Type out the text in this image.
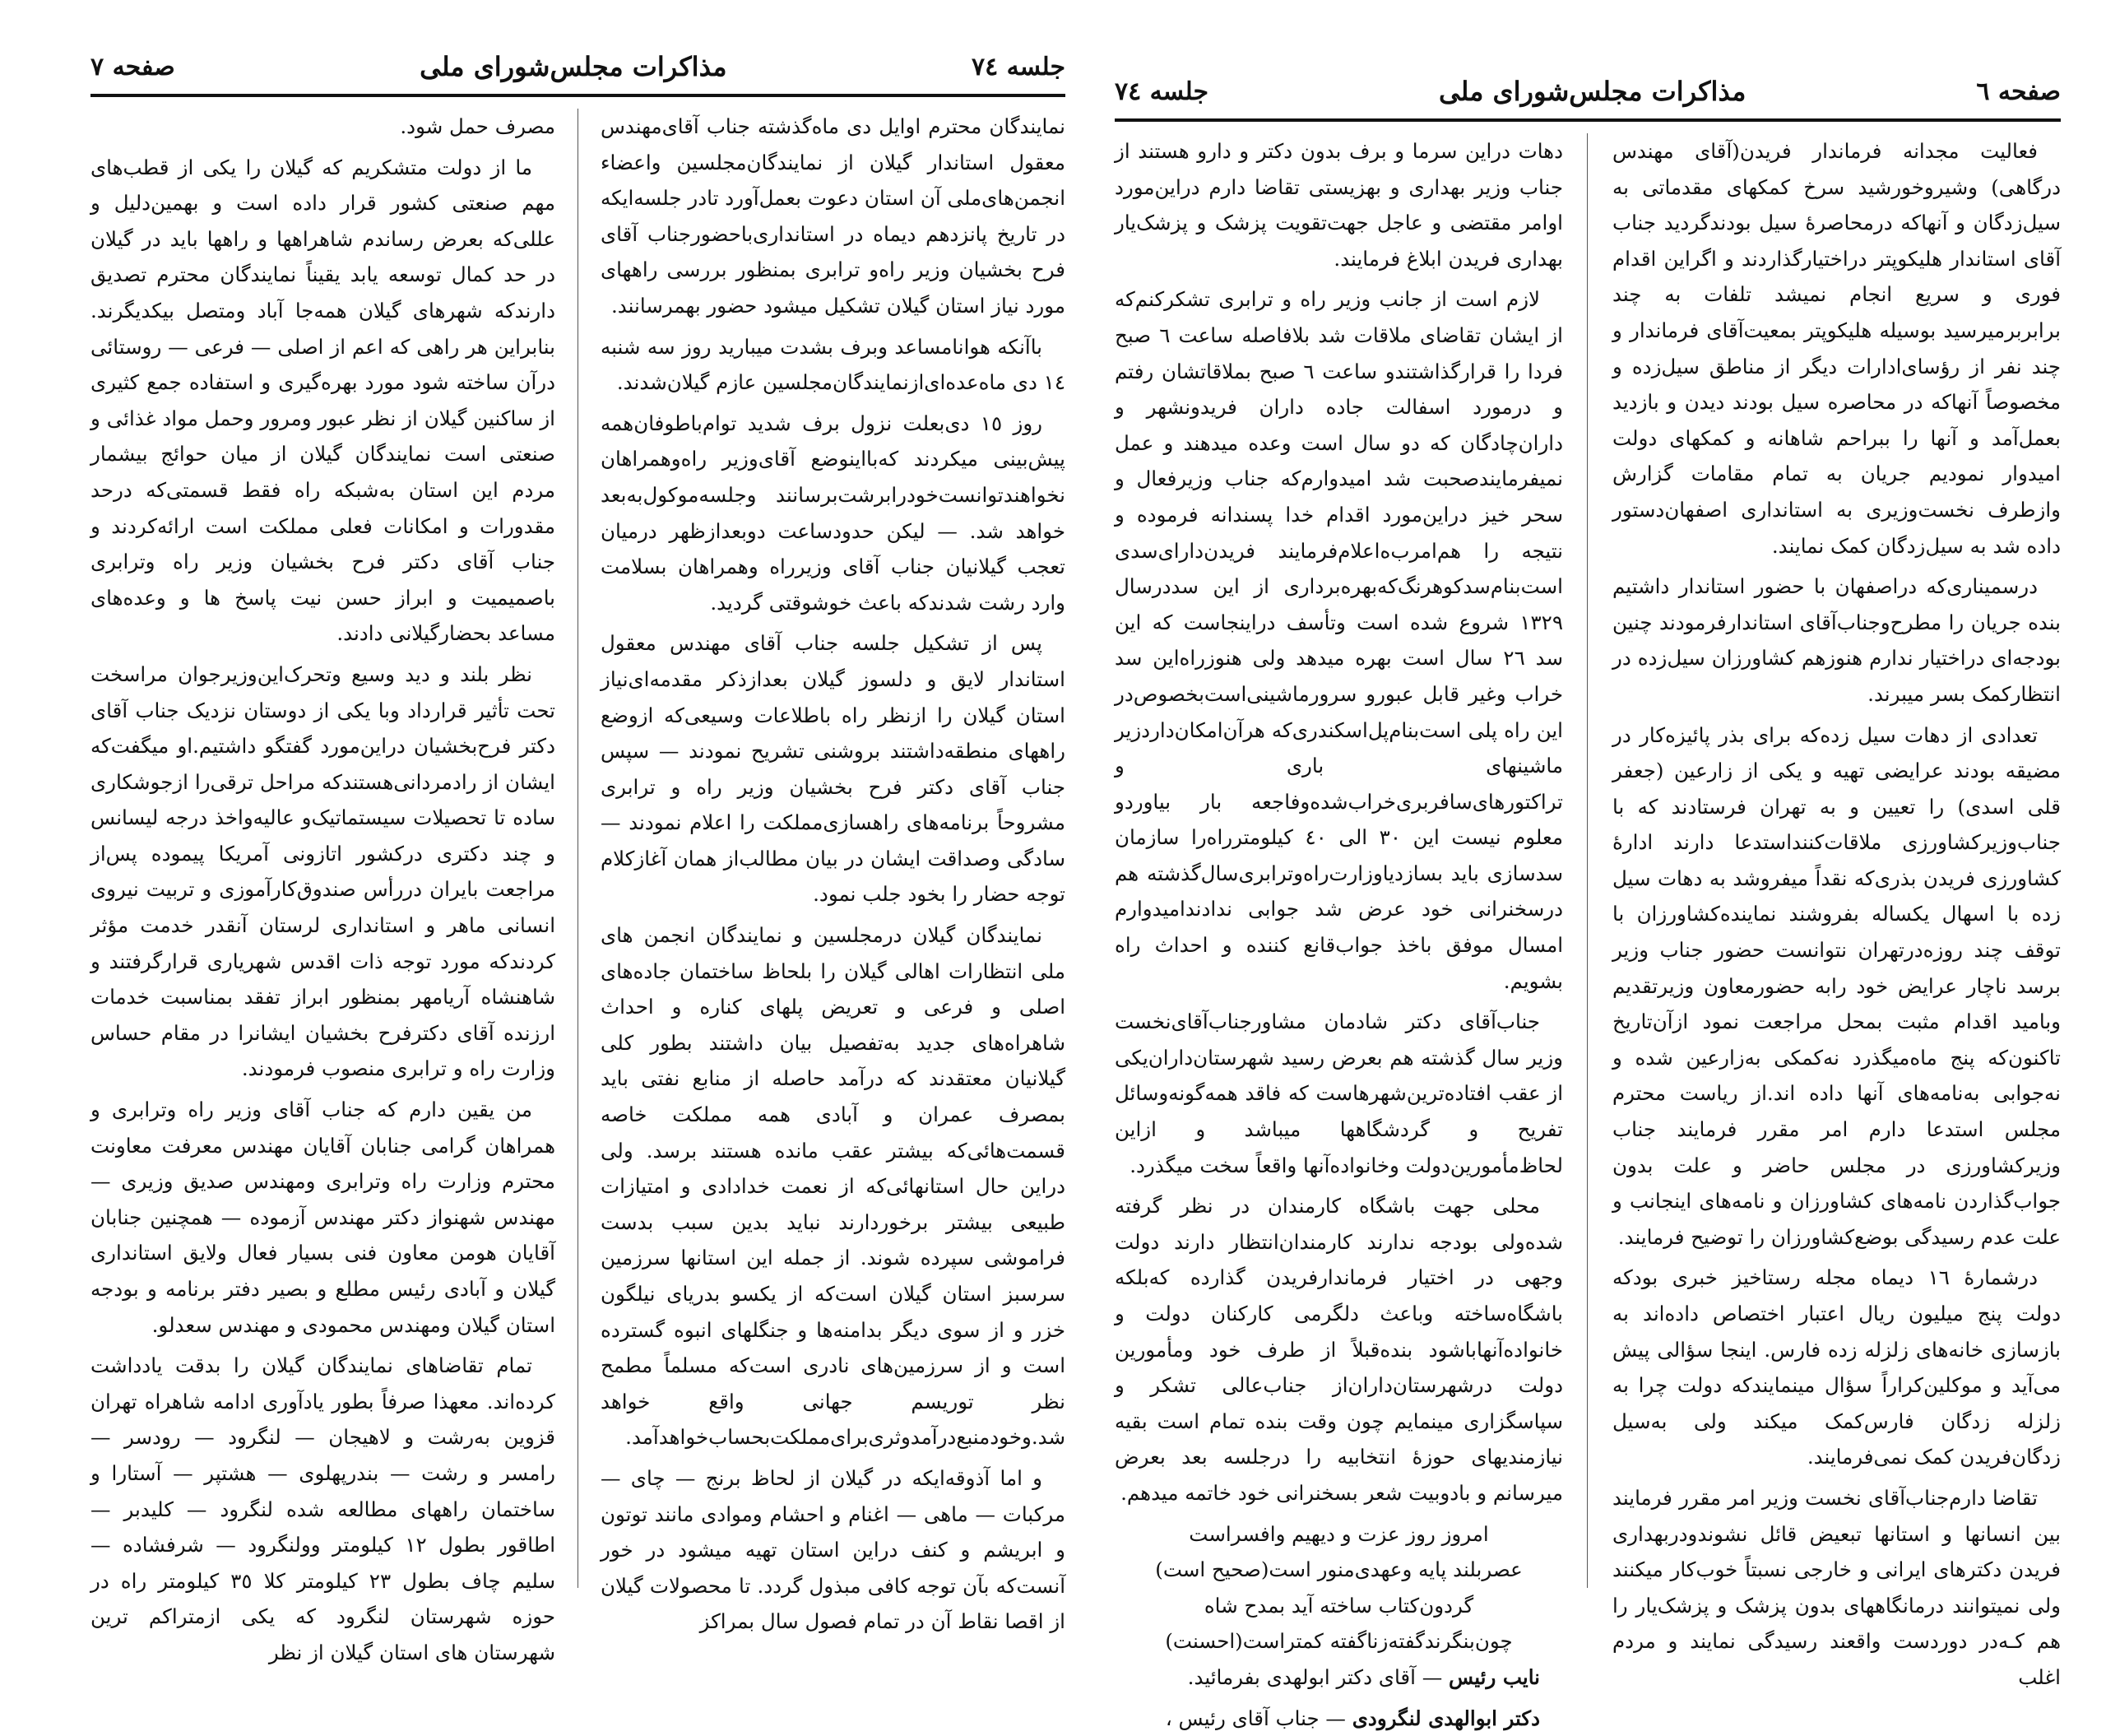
جلسه ٧٤	مذاکرات مجلس‌شورای ملی	صفحه ٦

فعالیت مجدانه فرماندار فریدن(آقای مهندس درگاهی) وشیروخورشید سرخ کمکهای مقدماتی به سیل‌زدگان و آنهاکه درمحاصرهٔ سیل بودندگردید جناب آقای استاندار هلیکوپتر دراختیارگذاردند و اگراین اقدام فوری و سریع انجام نمیشد تلفات به چند برابربرمیرسید بوسیله هلیکوپتر بمعیت‌آقای فرماندار و چند نفر از رؤسای‌ادارات دیگر از مناطق سیل‌زده و مخصوصاً آنهاکه در محاصره سیل بودند دیدن و بازدید بعمل‌آمد و آنها را ببراحم شاهانه و کمکهای دولت امیدوار نمودیم جریان به تمام مقامات گزارش وازطرف نخست‌وزیری به استانداری اصفهان‌دستور داده شد به سیل‌زدگان کمک نمایند.

درسمیناری‌که دراصفهان با حضور استاندار داشتیم بنده جریان را مطرح‌وجناب‌آقای استاندارفرمودند چنین بودجه‌ای دراختیار ندارم هنوزهم کشاورزان سیل‌زده در انتظارکمک بسر میبرند.

تعدادی از دهات سیل زده‌که برای بذر پائیزه‌کار در مضیقه بودند عرایضی تهیه و یکی از زارعین (جعفر قلی اسدی) را تعیین و به تهران فرستادند که با جناب‌وزیرکشاورزی ملاقات‌کننداستدعا دارند ادارهٔ کشاورزی فریدن بذری‌که نقداً میفروشد به دهات سیل زده با اسهال یکساله بفروشند نماینده‌کشاورزان با توقف چند روزه‌درتهران نتوانست حضور جناب وزیر برسد ناچار عرایض خود رابه حضورمعاون وزیرتقدیم وبامید اقدام مثبت بمحل مراجعت نمود ازآن‌تاریخ تاکنون‌که پنج ماه‌میگذرد نه‌کمکی به‌زارعین شده و نه‌جوابی به‌نامه‌های آنها داده اند.از ریاست محترم مجلس استدعا دارم امر مقرر فرمایند جناب وزیرکشاورزی در مجلس حاضر و علت بدون جواب‌گذاردن نامه‌های کشاورزان و نامه‌های اینجانب و علت عدم رسیدگی بوضع‌کشاورزان را توضیح فرمایند.

درشمارهٔ ١٦ دیماه مجله رستاخیز خبری بود‌که دولت پنج میلیون ریال اعتبار اختصاص داده‌اند به بازسازی خانه‌های زلزله زده فارس. اینجا سؤالی پیش می‌آید و موکلین‌کراراً سؤال مینمایندکه دولت چرا به زلزله زدگان فارس‌کمک میکند ولی به‌سیل زدگان‌فریدن کمک نمی‌فرمایند.

تقاضا دارم‌جناب‌آقای نخست وزیر امر مقرر فرمایند بین انسانها و استانها تبعیض قائل نشوندو‌دربهداری فریدن دکترهای ایرانی و خارجی نسبتاً خوب‌کار میکنند ولی نمیتوانند درمانگاههای بدون پزشک و پزشک‌یار را هم کـه‌در دوردست واقعند رسیدگی نمایند و مردم اغلب

دهات دراین سرما و برف بدون دکتر و دارو هستند از جناب وزیر بهداری و بهزیستی تقاضا دارم دراین‌مورد اوامر مقتضی و عاجل جهت‌تقویت پزشک و پزشک‌یار بهداری فریدن ابلاغ فرمایند.

لازم است از جانب وزیر راه و ترابری تشکرکنم‌که از ایشان تقاضای ملاقات شد بلافاصله ساعت ٦ صبح فردا را قرارگذاشتندو ساعت ٦ صبح بملاقاتشان رفتم و درمورد اسفالت جاده داران فریدونشهر و داران‌چادگان که دو سال است وعده میدهند و عمل نمیفرمایندصحبت شد امیدوارم‌که جناب وزیرفعال و سحر خیز دراین‌مورد اقدام خدا پسندانه فرموده و نتیجه را هم‌امرب‌ه‌اعلام‌فرمایند فریدن‌دارای‌سدی است‌بنام‌سدکوهرنگ‌که‌بهره‌برداری از این سددرسال ١٣٢٩ شروع شده است وتأسف دراینجاست که این سد ٢٦ سال است بهره میدهد ولی هنوزراه‌این سد خراب وغیر قابل عبورو سرورماشینی‌است‌بخصوص‌در این راه پلی است‌بنام‌پل‌اسکندری‌که هرآن‌امکان‌داردزیر ماشینهای باری و تراکتورهای‌سافربری‌خراب‌شده‌وفاجعه بار بیاوردو معلوم نیست این ٣٠ الی ٤٠ کیلومترراه‌را سازمان سدسازی باید بسازدیاوزارت‌راه‌وترابری‌سال‌گذشته هم درسخنرانی خود عرض شد جوابی ندادندامیدوارم امسال موفق باخذ جواب‌قانع کننده و احداث راه بشویم.

جناب‌آقای دکتر شادمان مشاورجناب‌آقای‌نخست وزیر سال گذشته هم بعرض رسید شهرستان‌داران‌یکی از عقب افتاده‌ترین‌شهرهاست که فاقد همه‌گونه‌وسائل تفریح و گردشگاهها میباشد و ازاین لحاظ‌مأمورین‌دولت وخانواده‌آنها واقعاً سخت میگذرد.

محلی جهت باشگاه کارمندان در نظر گرفته شده‌ولی بودجه ندارند کارمندان‌انتظار دارند دولت وجهی در اختیار فرماندارفریدن گذارده که‌بلکه باشگاه‌ساخته وباعث دلگرمی کارکنان دولت و خانواده‌آنهاباشود بنده‌قبلاً از طرف خود ومأمورین دولت درشهرستان‌داران‌از جناب‌عالی تشکر و سپاسگزاری مینمایم چون وقت بنده تمام است بقیه نیازمندیهای حوزهٔ انتخابیه را درجلسه بعد بعرض میرسانم و بادوبیت شعر بسخنرانی خود خاتمه میدهم.

امروز روز عزت و دیهیم وافسراست

عصربلند پایه وعهدی‌منور است(صحیح است)

گردون‌کتاب ساخته آید بمدح شاه

چون‌بنگرندگفته‌زناگفته کمتراست(احسنت)

نایب رئیس — آقای دکتر ابولهدی بفرمائید.

دکتر ابوالهدی لنگرودی — جناب آقای رئیس ،

صفحه ٧	مذاکرات مجلس‌شورای ملی	جلسه ٧٤

نمایندگان محترم اوایل دی ماه‌گذشته جناب آقای‌مهندس معقول استاندار گیلان از نمایندگان‌مجلسین واعضاء انجمن‌های‌ملی آن استان دعوت بعمل‌آورد تادر جلسه‌ایکه در تاریخ پانزدهم دیماه در استانداری‌باحضورجناب آقای فرح بخشیان وزیر راه‌و ترابری بمنظور بررسی راههای مورد نیاز استان گیلان تشکیل میشود حضور بهمرسانند.

باآنکه هوانامساعد وبرف بشدت میبارید روز سه شنبه ١٤ دی ماه‌عده‌ای‌ازنمایندگان‌مجلسین عازم گیلان‌شدند.

روز ١٥ دی‌بعلت نزول برف شدید توام‌باطوفان‌همه پیش‌بینی میکردند که‌بااینوضع آقای‌وزیر راه‌وهمراهان نخواهندتوانست‌خودرابرشت‌برسانند وجلسه‌موکول‌به‌بعد خواهد شد. — لیکن حدودساعت دوبعدازظهر درمیان تعجب گیلانیان جناب آقای وزیرراه وهمراهان بسلامت وارد رشت شدند‌که باعث خوشوقتی گردید.

پس از تشکیل جلسه جناب آقای مهندس معقول استاندار لایق و دلسوز گیلان بعدازذکر مقدمه‌ای‌نیاز استان گیلان را ازنظر راه باطلاعات وسیعی‌که ازوضع راههای منطقه‌داشتند بروشنی تشریح نمودند — سپس جناب آقای دکتر فرح بخشیان وزیر راه و ترابری مشروحاً برنامه‌های راهسازی‌مملکت را اعلام نمودند — سادگی وصداقت ایشان در بیان مطالب‌از همان آغازکلام توجه حضار را بخود جلب نمود.

نمایندگان گیلان درمجلسین و نمایندگان انجمن های ملی انتظارات اهالی گیلان را بلحاظ ساختمان جاده‌های اصلی و فرعی و تعریض پلهای کناره و احداث شاهراه‌های جدید به‌تفصیل بیان داشتند بطور کلی گیلانیان معتقدند که درآمد حاصله از منابع نفتی باید بمصرف عمران و آبادی همه مملکت خاصه قسمت‌هائی‌که بیشتر عقب مانده هستند برسد. ولی دراین حال استانهائی‌که از نعمت خدادادی و امتیازات طبیعی بیشتر برخوردارند نباید بدین سبب بدست فراموشی سپرده شوند. از جمله این استانها سرزمین سرسبز استان گیلان است‌که از یکسو بدریای نیلگون خزر و از سوی دیگر بدامنه‌ها و جنگلهای انبوه گسترده است و از سرزمین‌های نادری است‌که مسلماً مطمح نظر توریسم جهانی واقع خواهد شد.وخودمنبع‌درآمدوثری‌برای‌مملکت‌بحساب‌خواهدآمد.

و اما آذوقه‌ایکه در گیلان از لحاظ برنج — چای — مرکبات — ماهی — اغنام و احشام وموادی مانند توتون و ابریشم و کنف دراین استان تهیه میشود در خور آنست‌که بآن توجه کافی مبذول گردد. تا محصولات گیلان از اقصا نقاط آن در تمام فصول سال بمراکز

مصرف حمل شود.

ما از دولت متشکریم که گیلان را یکی از قطب‌های مهم صنعتی کشور قرار داده است و بهمین‌دلیل و عللی‌که بعرض رساندم شاهراهها و راهها باید در گیلان در حد کمال توسعه یابد یقیناً نمایندگان محترم تصدیق دارندکه شهرهای گیلان همه‌جا آباد ومتصل بیکدیگرند. بنابراین هر راهی که اعم از اصلی — فرعی — روستائی درآن ساخته شود مورد بهره‌گیری و استفاده جمع کثیری از ساکنین گیلان از نظر عبور ومرور وحمل مواد غذائی و صنعتی است نمایندگان گیلان از میان حوائج بیشمار مردم این استان به‌شبکه راه فقط قسمتی‌که درحد مقدورات و امکانات فعلی مملکت است ارائه‌کردند و جناب آقای دکتر فرح بخشیان وزیر راه وترابری باصمیمیت و ابراز حسن نیت پاسخ ها و وعده‌های مساعد بحضارگیلانی دادند.

نظر بلند و دید وسیع وتحرک‌این‌وزیرجوان مراسخت تحت تأثیر قرارداد وبا یکی از دوستان نزدیک جناب آقای دکتر فرح‌بخشیان دراین‌مورد گفتگو داشتیم.او میگفت‌که ایشان از رادمردانی‌هستندکه مراحل ترقی‌را ازجوشکاری ساده تا تحصیلات سیستماتیک‌و عالیه‌واخذ درجه لیسانس و چند دکتری درکشور اتازونی آمریکا پیموده پس‌از مراجعت بایران دررأس صندوق‌کارآموزی و تربیت نیروی انسانی ماهر و استانداری لرستان آنقدر خدمت مؤثر کردند‌که مورد توجه ذات اقدس شهریاری قرارگرفتند و شاهنشاه آریامهر بمنظور ابراز تفقد بمناسبت خدمات ارزنده آقای دکترفرح بخشیان ایشانرا در مقام حساس وزارت راه و ترابری منصوب فرمودند.

من یقین دارم که جناب آقای وزیر راه وترابری و همراهان گرامی جنابان آقایان مهندس معرفت معاونت محترم وزارت راه وترابری ومهندس صدیق وزیری — مهندس شهنواز دکتر مهندس آزموده — همچنین جنابان آقایان هومن معاون فنی بسیار فعال ولایق استانداری گیلان و آبادی رئیس مطلع و بصیر دفتر برنامه و بودجه استان گیلان ومهندس محمودی و مهندس سعدلو.

تمام تقاضاهای نمایندگان گیلان را بدقت یادداشت کرده‌اند. معهذا صرفاً بطور یادآوری ادامه شاهراه تهران قزوین به‌رشت و لاهیجان — لنگرود — رودسر — رامسر و رشت — بندرپهلوی — هشتپر — آستارا و ساختمان راههای مطالعه شده لنگرود — کلیدبر — اطاقور بطول ١٢ کیلومتر وولنگرود — شرفشاده — سلیم چاف بطول ٢٣ کیلومتر کلا ٣٥ کیلومتر راه در حوزه شهرستان لنگرود که یکی ازمتراکم ترین شهرستان های استان گیلان از نظر
